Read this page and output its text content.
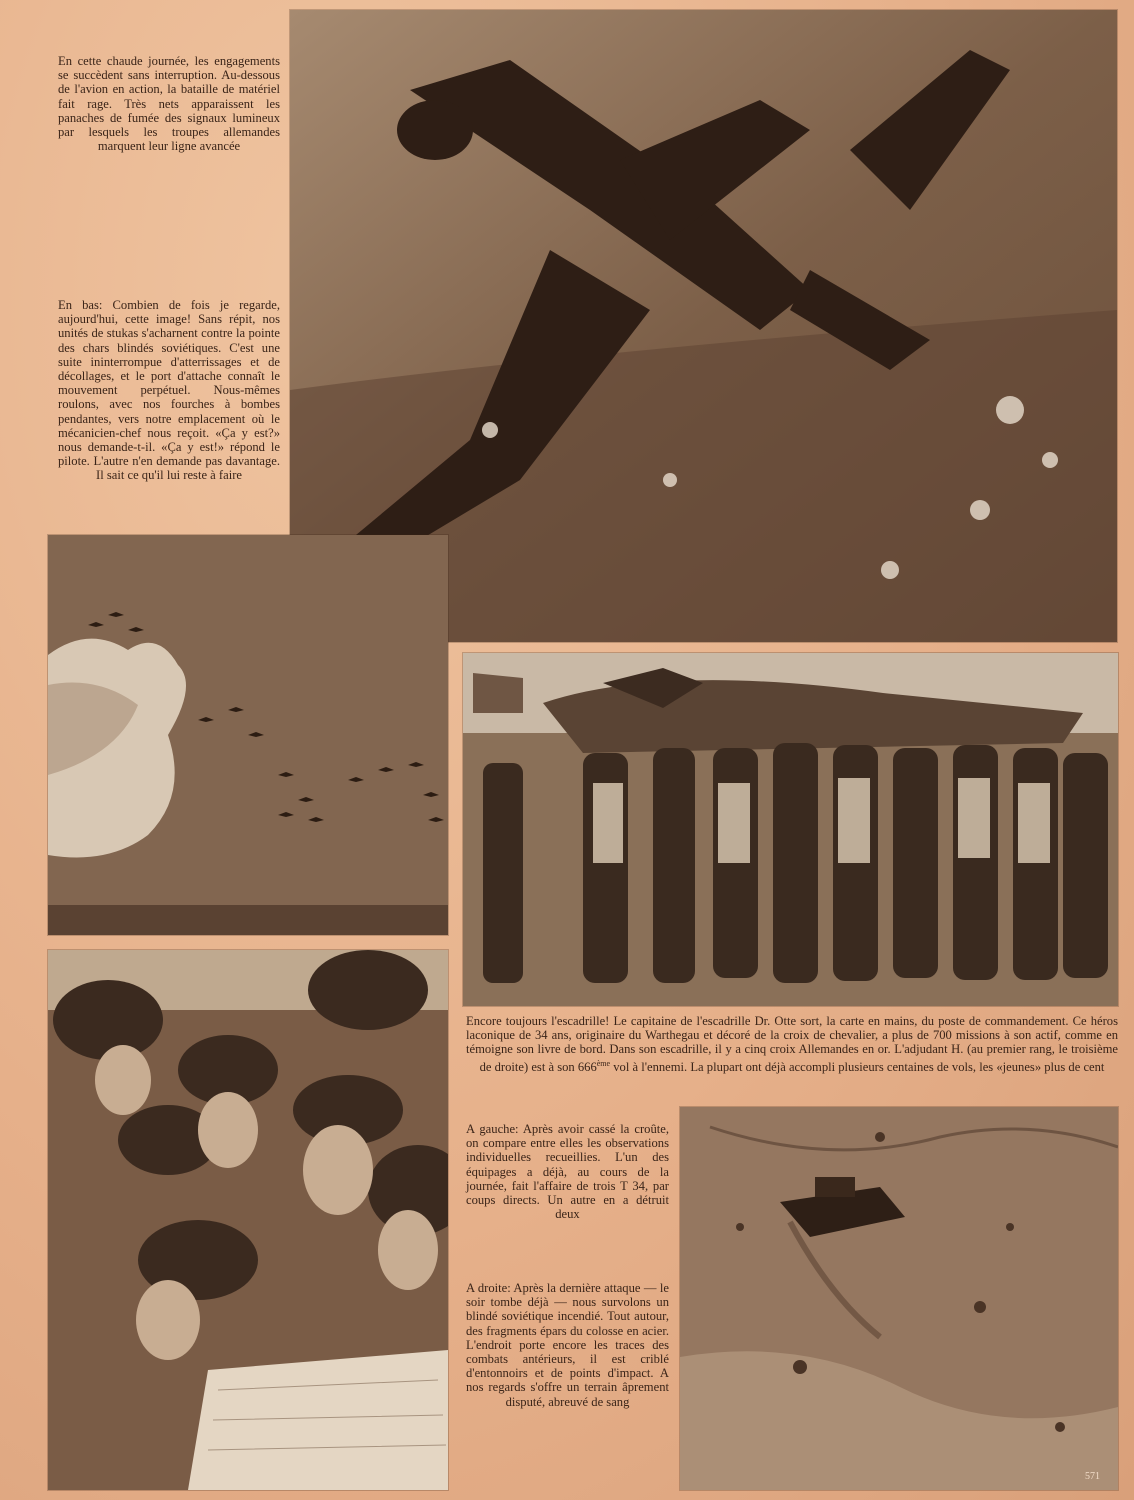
En cette chaude journée, les engagements se succèdent sans interruption. Au-dessous de l'avion en action, la bataille de matériel fait rage. Très nets apparaissent les panaches de fumée des signaux lumineux par lesquels les troupes allemandes marquent leur ligne avancée

En bas: Combien de fois je regarde, aujourd'hui, cette image! Sans répit, nos unités de stukas s'acharnent contre la pointe des chars blindés soviétiques. C'est une suite ininterrompue d'atterrissages et de décollages, et le port d'attache connaît le mouvement perpétuel. Nous-mêmes roulons, avec nos fourches à bombes pendantes, vers notre emplacement où le mécanicien-chef nous reçoit. «Ça y est?» nous demande-t-il. «Ça y est!» répond le pilote. L'autre n'en demande pas davantage. Il sait ce qu'il lui reste à faire

Encore toujours l'escadrille! Le capitaine de l'escadrille Dr. Otte sort, la carte en mains, du poste de commandement. Ce héros laconique de 34 ans, originaire du Warthegau et décoré de la croix de chevalier, a plus de 700 missions à son actif, comme en témoigne son livre de bord. Dans son escadrille, il y a cinq croix Allemandes en or. L'adjudant H. (au premier rang, le troisième de droite) est à son 666ème vol à l'ennemi. La plupart ont déjà accompli plusieurs centaines de vols, les «jeunes» plus de cent

A gauche: Après avoir cassé la croûte, on compare entre elles les observations individuelles recueillies. L'un des équipages a déjà, au cours de la journée, fait l'affaire de trois T 34, par coups directs. Un autre en a détruit deux

A droite: Après la dernière attaque — le soir tombe déjà — nous survolons un blindé soviétique incendié. Tout autour, des fragments épars du colosse en acier. L'endroit porte encore les traces des combats antérieurs, il est criblé d'entonnoirs et de points d'impact. A nos regards s'offre un terrain âprement disputé, abreuvé de sang

571
